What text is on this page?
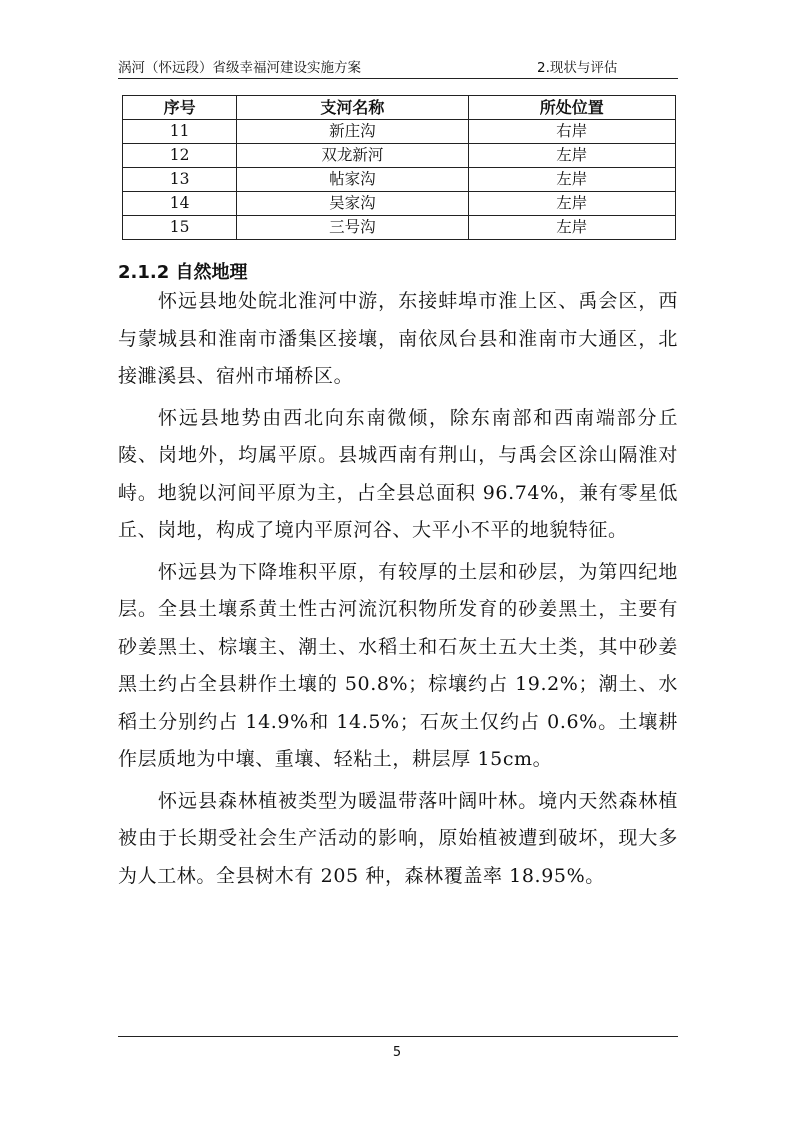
涡河（怀远段）省级幸福河建设实施方案	2.现状与评估
序号	支河名称	所处位置
11	新庄沟	右岸
12	双龙新河	左岸
13	帖家沟	左岸
14	吴家沟	左岸
15	三号沟	左岸
2.1.2 自然地理

怀远县地处皖北淮河中游，东接蚌埠市淮上区、禹会区，西与蒙城县和淮南市潘集区接壤，南依凤台县和淮南市大通区，北接濉溪县、宿州市埇桥区。

怀远县地势由西北向东南微倾，除东南部和西南端部分丘陵、岗地外，均属平原。县城西南有荆山，与禹会区涂山隔淮对峙。地貌以河间平原为主，占全县总面积 96.74%，兼有零星低丘、岗地，构成了境内平原河谷、大平小不平的地貌特征。

怀远县为下降堆积平原，有较厚的土层和砂层，为第四纪地层。全县土壤系黄土性古河流沉积物所发育的砂姜黑土，主要有砂姜黑土、棕壤主、潮土、水稻土和石灰土五大土类，其中砂姜黑土约占全县耕作土壤的 50.8%；棕壤约占 19.2%；潮土、水稻土分别约占 14.9%和 14.5%；石灰土仅约占 0.6%。土壤耕作层质地为中壤、重壤、轻粘土，耕层厚 15cm。

怀远县森林植被类型为暖温带落叶阔叶林。境内天然森林植被由于长期受社会生产活动的影响，原始植被遭到破坏，现大多为人工林。全县树木有 205 种，森林覆盖率 18.95%。

5
